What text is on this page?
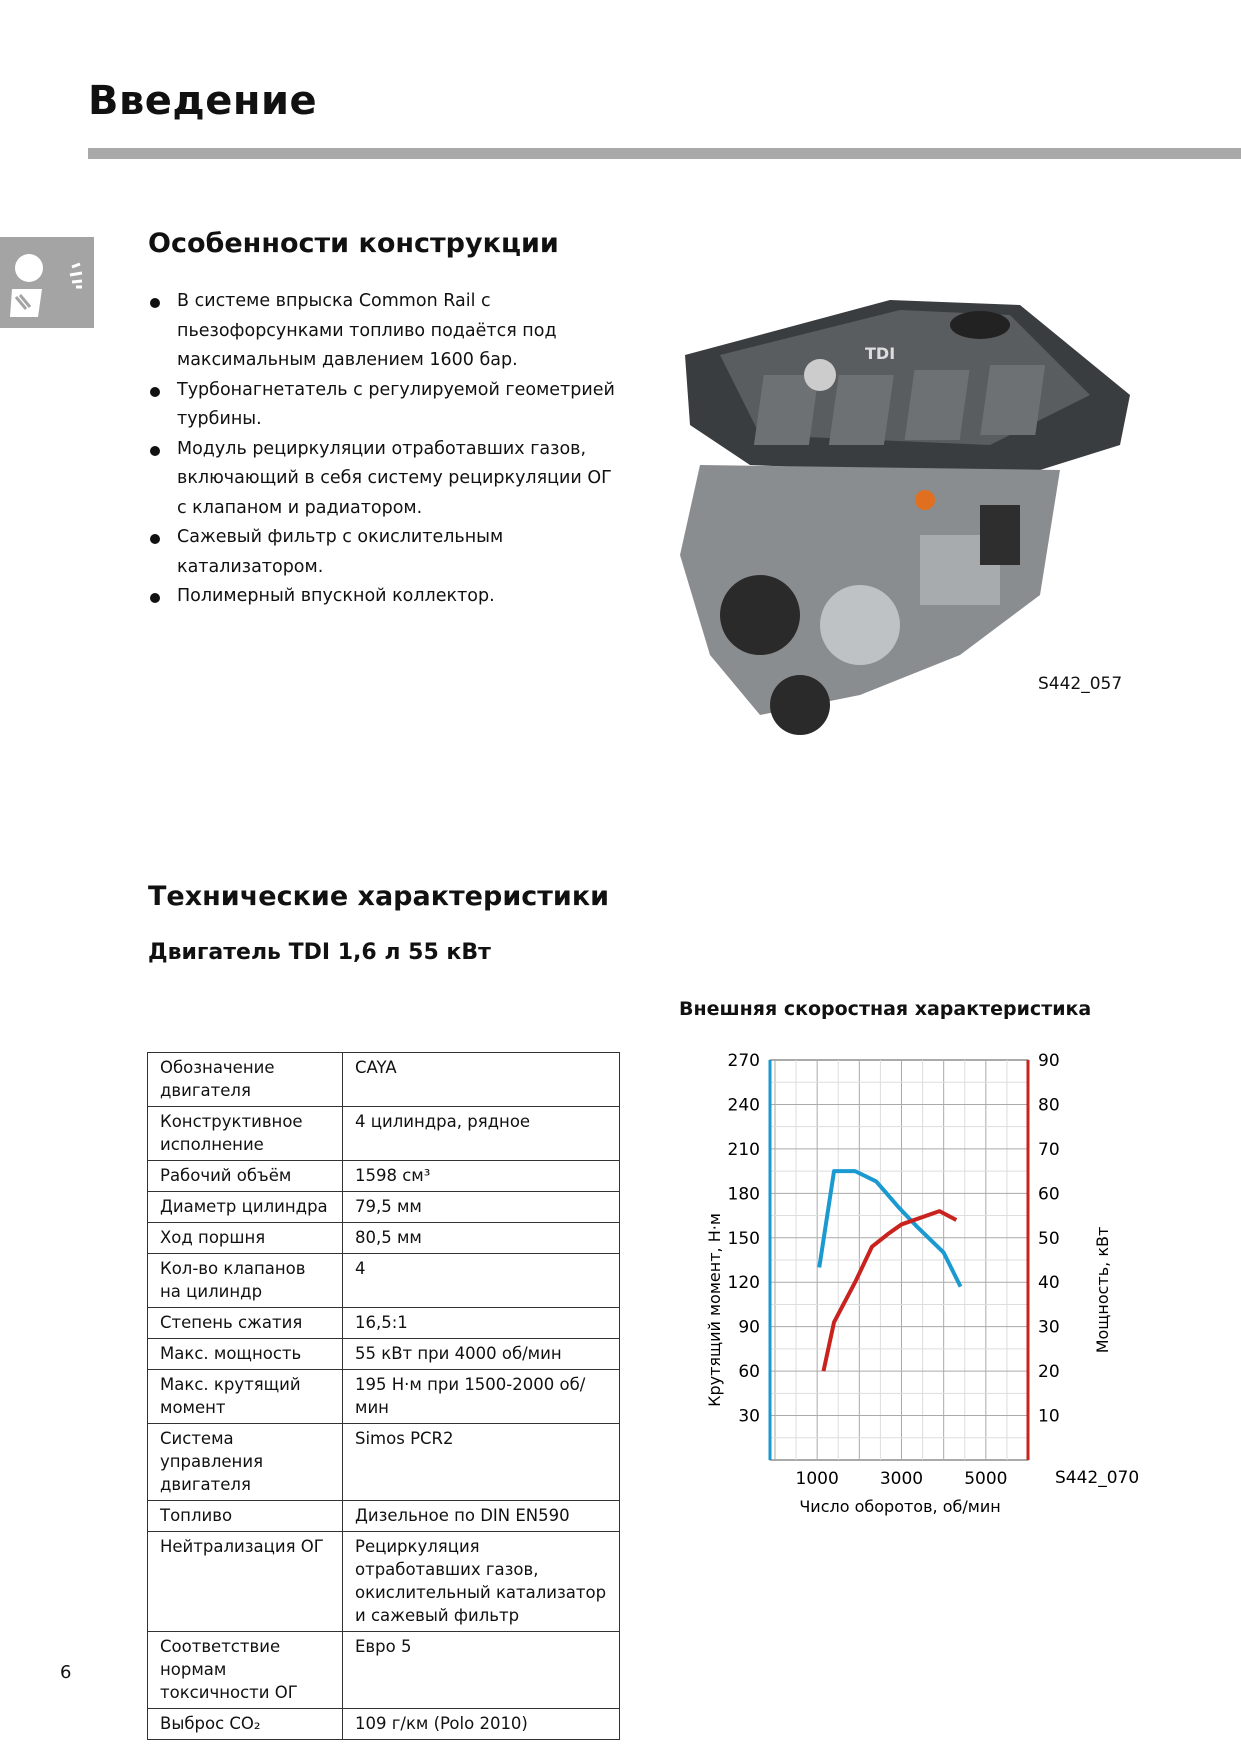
Введение
Особенности конструкции
В системе впрыска Common Rail с пьезофорсунками топливо подаётся под максимальным давлением 1600 бар.
Турбонагнетатель с регулируемой геометрией турбины.
Модуль рециркуляции отработавших газов, включающий в себя систему рециркуляции ОГ с клапаном и радиатором.
Сажевый фильтр с окислительным катализатором.
Полимерный впускной коллектор.
TDI
S442_057
Технические характеристики
Двигатель TDI 1,6 л 55 кВт
Обозначение двигателя	CAYA
Конструктивное исполнение	4 цилиндра, рядное
Рабочий объём	1598 см³
Диаметр цилиндра	79,5 мм
Ход поршня	80,5 мм
Кол-во клапанов на цилиндр	4
Степень сжатия	16,5:1
Макс. мощность	55 кВт при 4000 об/мин
Макс. крутящий момент	195 Н·м при 1500-2000 об/мин
Система управления двигателя	Simos PCR2
Топливо	Дизельное по DIN EN590
Нейтрализация ОГ	Рециркуляция отработавших газов, окислительный катализатор и сажевый фильтр
Соответствие нормам токсичности ОГ	Евро 5
Выброс CO₂	109 г/км (Polo 2010)
Внешняя скоростная характеристика
30
60
90
120
150
180
210
240
270
10
20
30
40
50
60
70
80
90
1000 3000 5000
Число оборотов, об/мин
Крутящий момент, Н·м	Мощность, кВт
S442_070
6
